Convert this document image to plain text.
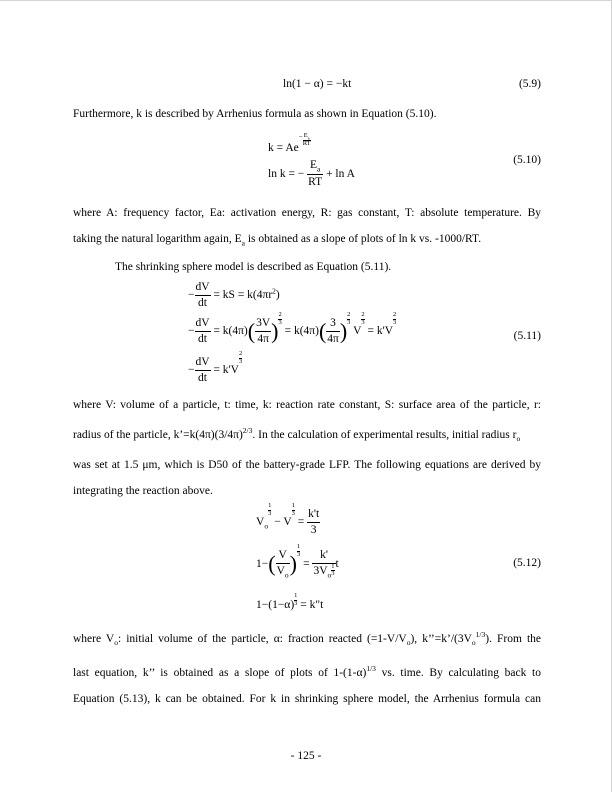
ln(1 − α) = −kt	(5.9)
Furthermore, k is described by Arrhenius formula as shown in Equation (5.10).
$k = Ae- \frac{E_a}{RT}$
ln k = − $\frac{E_a}{RT} + \ln A$
(5.10)
where A: frequency factor, Ea: activation energy, R: gas constant, T: absolute temperature. By
taking the natural logarithm again, $E_a$ is obtained as a slope of plots of ln k vs. -1000/RT.
The shrinking sphere model is described as Equation (5.11).
− $\frac{dV}{dt}$ = kS = $k(4\pi r^2)$
− $\frac{dV}{dt} = k(4\pi)( \frac{3V}{4\pi}$ ) $\frac{2}{3}$
= $k(4\pi)( \frac{3}{4\pi}$ ) $\frac{2}{3}$
V
$\frac{2}{3}$
= k'V
$\frac{2}{3}$
(5.11)
− $\frac{dV}{dt} = k'V$
$\frac{2}{3}$
where V: volume of a particle, t: time, k: reaction rate constant, S: surface area of the particle, r:
radius of the particle, $k’=k(4\pi)(3/4\pi)^{2/3}$. In the calculation of experimental results, initial radius $r_o$
was set at 1.5 μm, which is D50 of the battery-grade LFP. The following equations are derived by
integrating the reaction above.
$V_o$
$\frac{1}{3}$
− V
$\frac{1}{3}$
= $\frac{k't}{3}$
$1-( \frac{V}{V_o}$ )
$\frac{1}{3}$
= $\frac{k'}{3V_o \frac{1}{3}}$ t	(5.12)
$1-(1-\alpha) \frac{1}{3}$ = k"t
where $V_o$: initial volume of the particle, α: fraction reacted $(=1-V/V_o)$, $k’’=k’/(3V_o^{1/3})$. From the
last equation, k’’ is obtained as a slope of plots of $1-(1-\alpha)^{1/3}$ vs. time. By calculating back to
Equation (5.13), k can be obtained. For k in shrinking sphere model, the Arrhenius formula can
- 125 -
